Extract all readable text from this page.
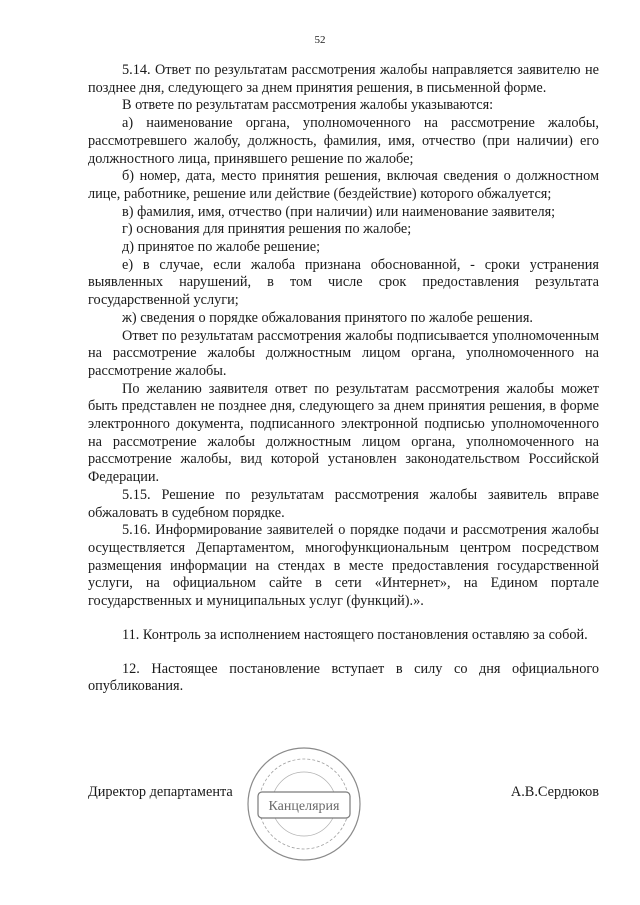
52

5.14. Ответ по результатам рассмотрения жалобы направляется заявителю не позднее дня, следующего за днем принятия решения, в письменной форме.

В ответе по результатам рассмотрения жалобы указываются:

а) наименование органа, уполномоченного на рассмотрение жалобы, рассмотревшего жалобу, должность, фамилия, имя, отчество (при наличии) его должностного лица, принявшего решение по жалобе;

б) номер, дата, место принятия решения, включая сведения о должностном лице, работнике, решение или действие (бездействие) которого обжалуется;

в) фамилия, имя, отчество (при наличии) или наименование заявителя;

г) основания для принятия решения по жалобе;

д) принятое по жалобе решение;

е) в случае, если жалоба признана обоснованной, - сроки устранения выявленных нарушений, в том числе срок предоставления результата государственной услуги;

ж) сведения о порядке обжалования принятого по жалобе решения.

Ответ по результатам рассмотрения жалобы подписывается уполномоченным на рассмотрение жалобы должностным лицом органа, уполномоченного на рассмотрение жалобы.

По желанию заявителя ответ по результатам рассмотрения жалобы может быть представлен не позднее дня, следующего за днем принятия решения, в форме электронного документа, подписанного электронной подписью уполномоченного на рассмотрение жалобы должностным лицом органа, уполномоченного на рассмотрение жалобы, вид которой установлен законодательством Российской Федерации.

5.15. Решение по результатам рассмотрения жалобы заявитель вправе обжаловать в судебном порядке.

5.16. Информирование заявителей о порядке подачи и рассмотрения жалобы осуществляется Департаментом, многофункциональным центром посредством размещения информации на стендах в месте предоставления государственной услуги, на официальном сайте в сети «Интернет», на Едином портале государственных и муниципальных услуг (функций).».

11. Контроль за исполнением настоящего постановления оставляю за собой.

12. Настоящее постановление вступает в силу со дня официального опубликования.

Канцелярия
Директор департамента	А.В.Сердюков
